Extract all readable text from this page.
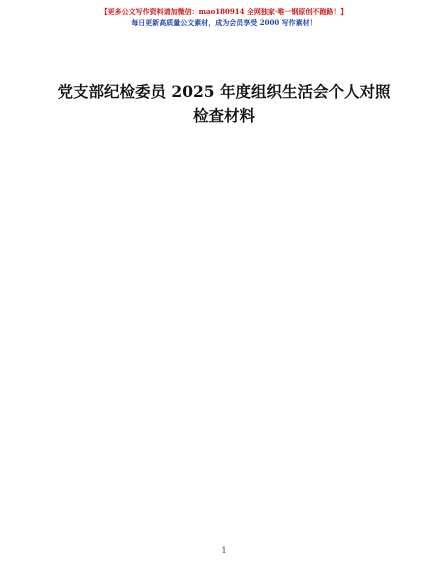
【更多公文写作资料请加微信：mao180914 全网独家·唯一钢原创不跑路！】
每日更新高质量公文素材，成为会员享受 2000 写作素材！
党支部纪检委员 2025 年度组织生活会个人对照
检查材料
1
